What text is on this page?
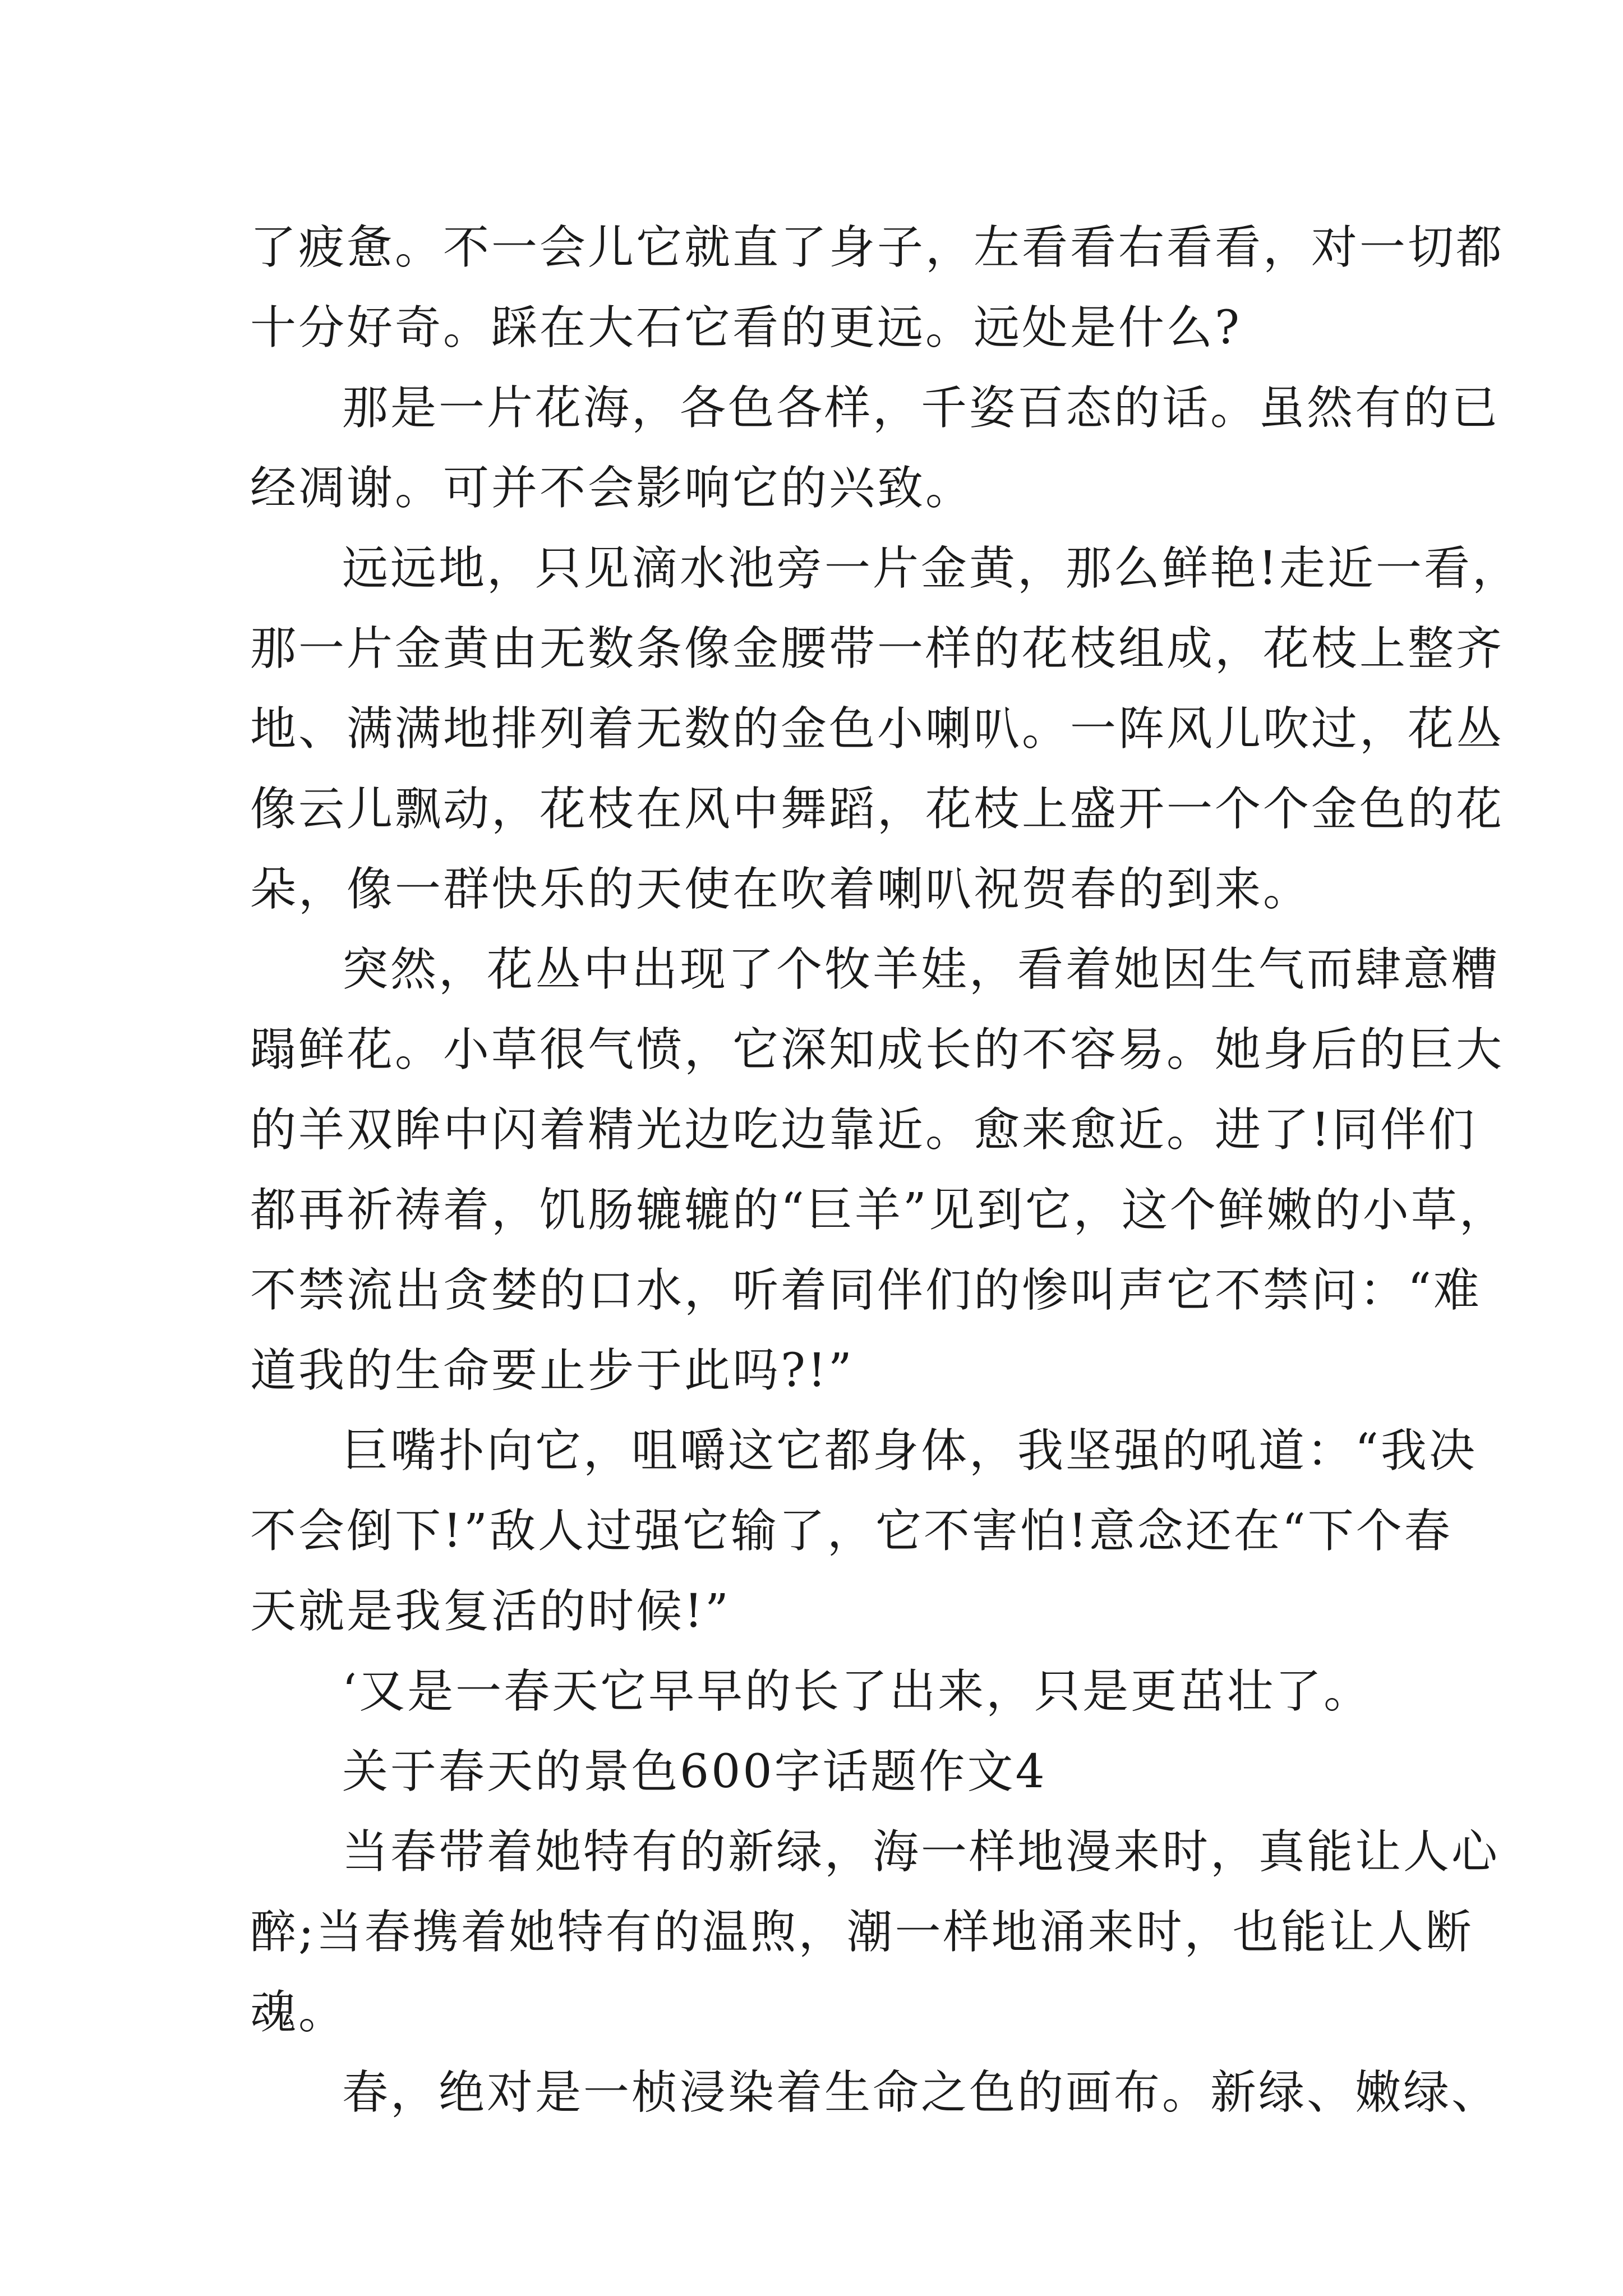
了疲惫。不一会儿它就直了身子，左看看右看看，对一切都
十分好奇。踩在大石它看的更远。远处是什么?
那是一片花海，各色各样，千姿百态的话。虽然有的已
经凋谢。可并不会影响它的兴致。
远远地，只见滴水池旁一片金黄，那么鲜艳!走近一看，
那一片金黄由无数条像金腰带一样的花枝组成，花枝上整齐
地、满满地排列着无数的金色小喇叭。一阵风儿吹过，花丛
像云儿飘动，花枝在风中舞蹈，花枝上盛开一个个金色的花
朵，像一群快乐的天使在吹着喇叭祝贺春的到来。
突然，花丛中出现了个牧羊娃，看着她因生气而肆意糟
蹋鲜花。小草很气愤，它深知成长的不容易。她身后的巨大
的羊双眸中闪着精光边吃边靠近。愈来愈近。进了!同伴们
都再祈祷着，饥肠辘辘的“巨羊”见到它，这个鲜嫩的小草，
不禁流出贪婪的口水，听着同伴们的惨叫声它不禁问：“难
道我的生命要止步于此吗?!”
巨嘴扑向它，咀嚼这它都身体，我坚强的吼道：“我决
不会倒下!”敌人过强它输了，它不害怕!意念还在“下个春
天就是我复活的时候!”
‘又是一春天它早早的长了出来，只是更茁壮了。
关于春天的景色600字话题作文4
当春带着她特有的新绿，海一样地漫来时，真能让人心
醉;当春携着她特有的温煦，潮一样地涌来时，也能让人断
魂。
春，绝对是一桢浸染着生命之色的画布。新绿、嫩绿、
